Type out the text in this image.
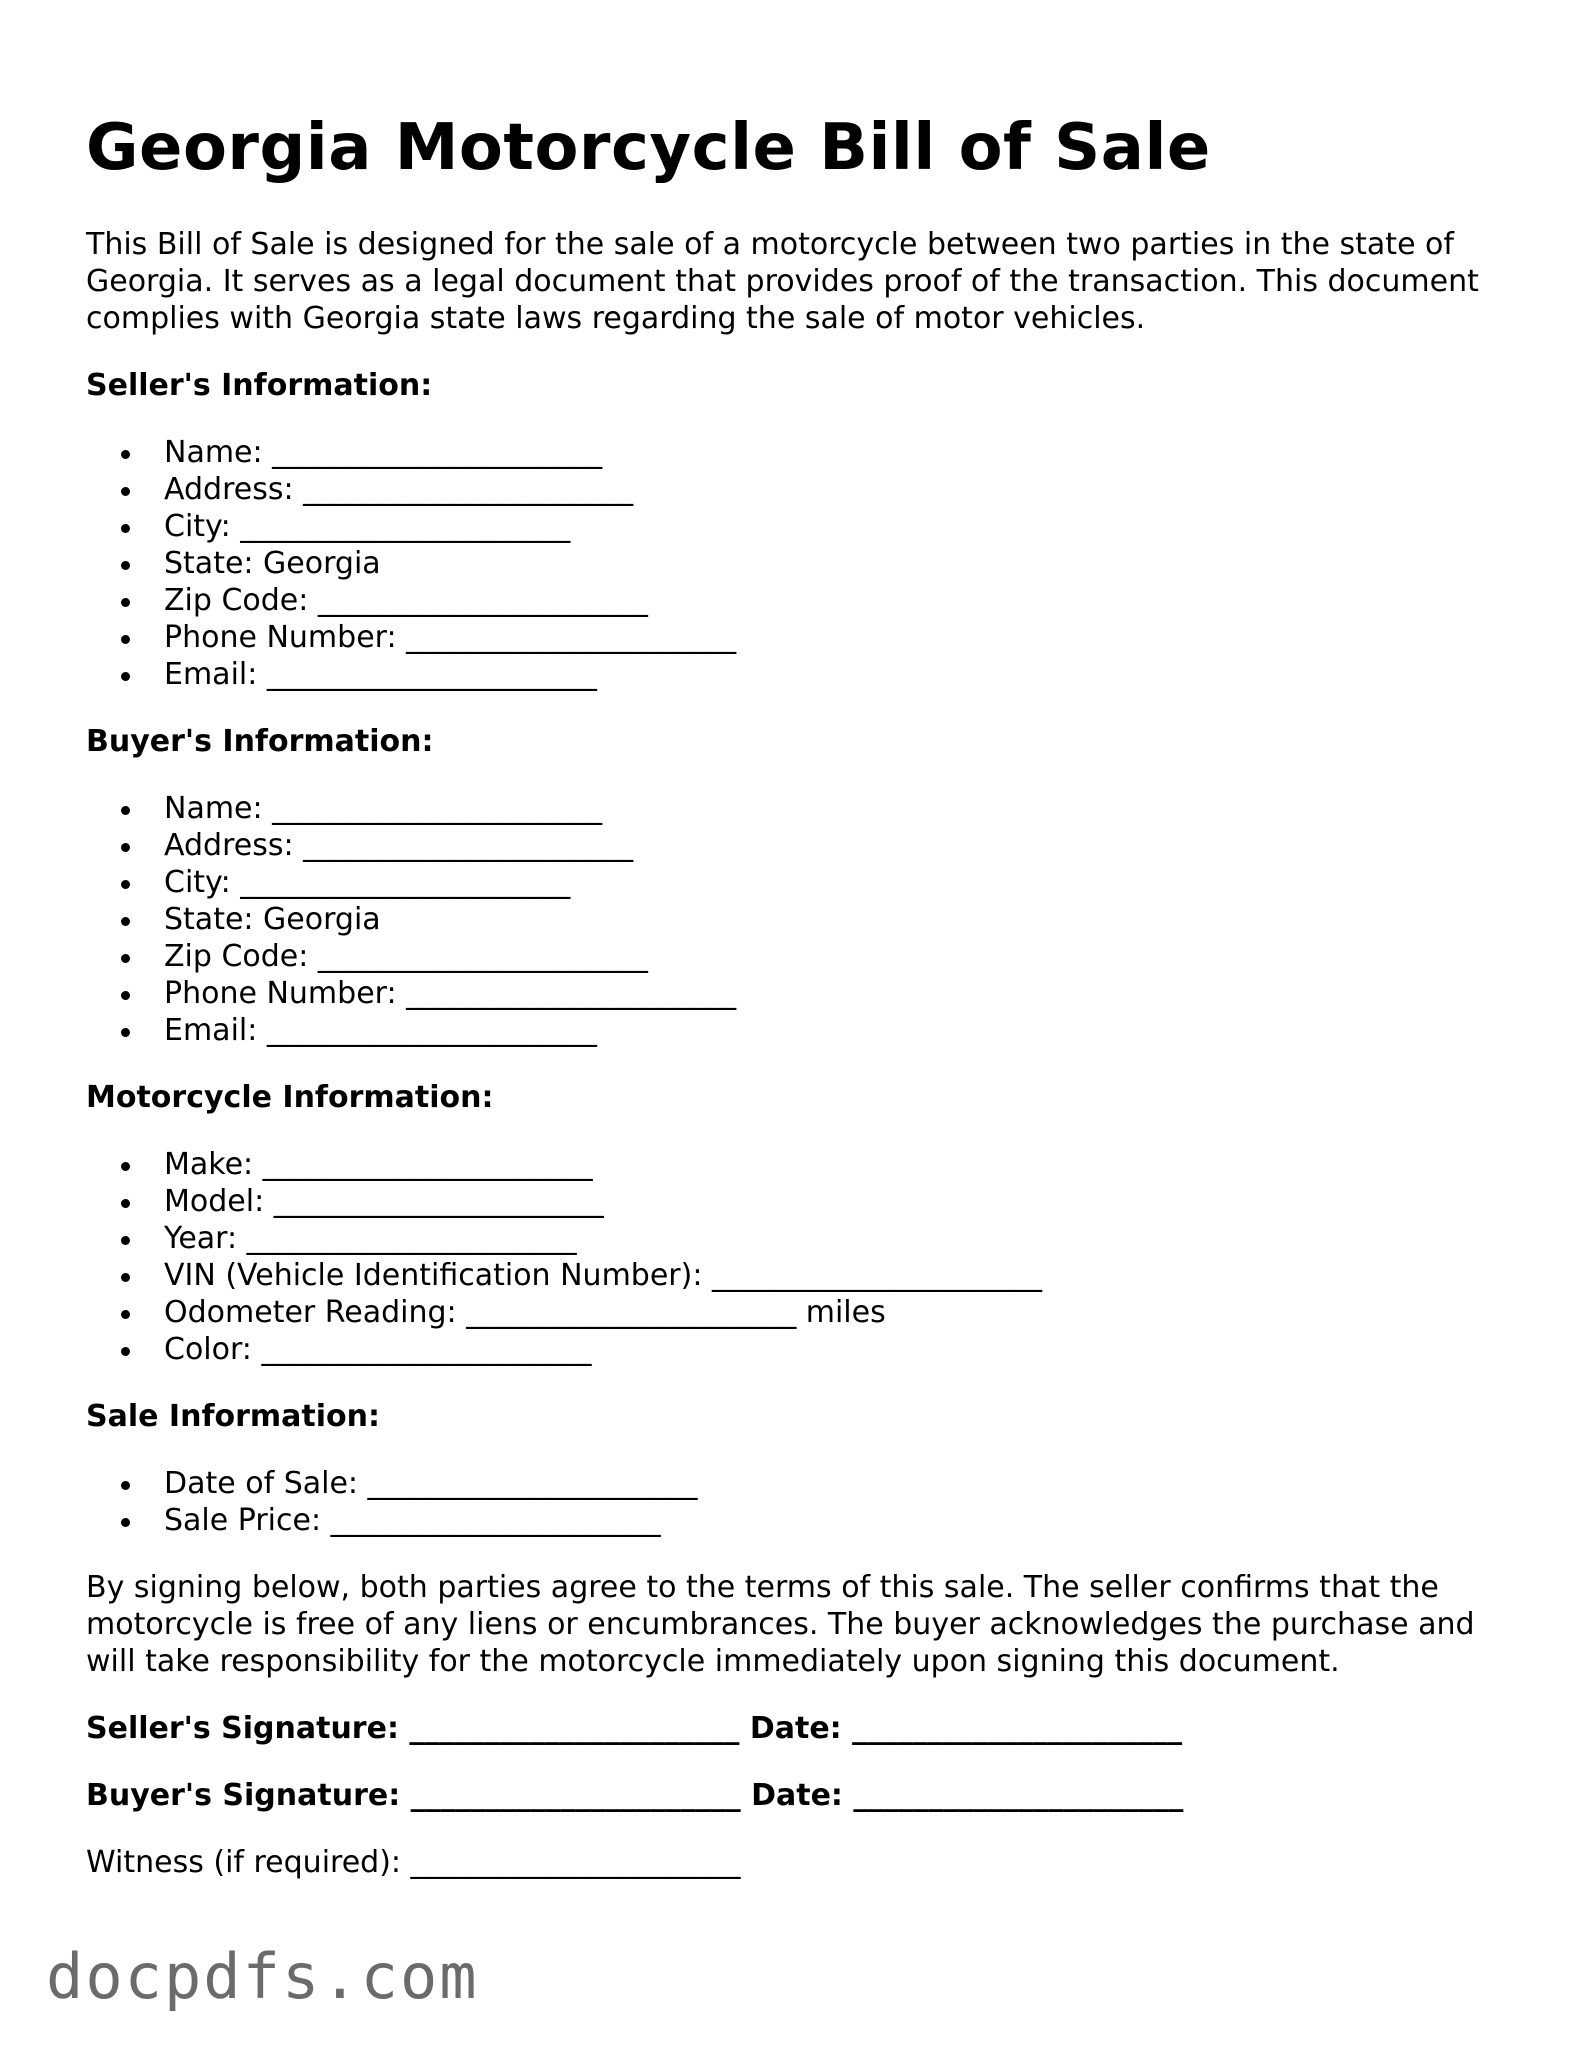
Georgia Motorcycle Bill of Sale

This Bill of Sale is designed for the sale of a motorcycle between two parties in the state of Georgia. It serves as a legal document that provides proof of the transaction. This document complies with Georgia state laws regarding the sale of motor vehicles.

Seller's Information:
Name: ______________________
Address: ______________________
City: ______________________
State: Georgia
Zip Code: ______________________
Phone Number: ______________________
Email: ______________________
Buyer's Information:
Name: ______________________
Address: ______________________
City: ______________________
State: Georgia
Zip Code: ______________________
Phone Number: ______________________
Email: ______________________
Motorcycle Information:
Make: ______________________
Model: ______________________
Year: ______________________
VIN (Vehicle Identification Number): ______________________
Odometer Reading: ______________________ miles
Color: ______________________
Sale Information:
Date of Sale: ______________________
Sale Price: ______________________

By signing below, both parties agree to the terms of this sale. The seller confirms that the motorcycle is free of any liens or encumbrances. The buyer acknowledges the purchase and will take responsibility for the motorcycle immediately upon signing this document.

Seller's Signature: ______________________ Date: ______________________
Buyer's Signature: ______________________ Date: ______________________
Witness (if required): ______________________
docpdfs.com
